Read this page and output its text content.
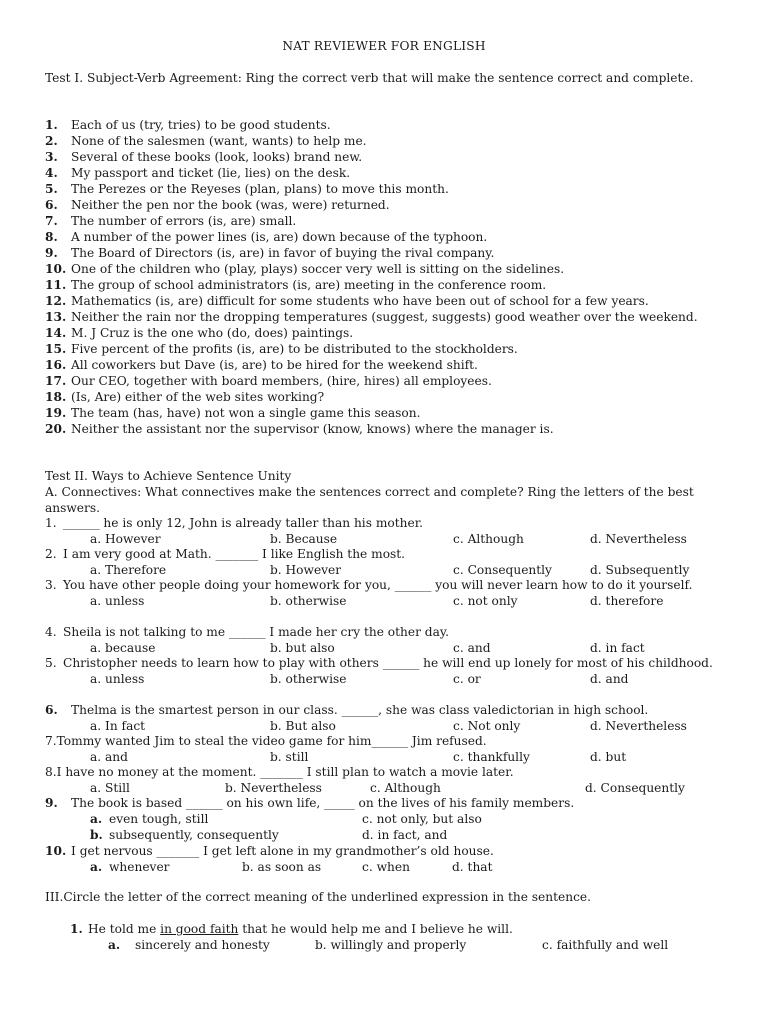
NAT REVIEWER FOR ENGLISH
Test I. Subject-Verb Agreement: Ring the correct verb that will make the sentence correct and complete.
1. Each of us (try, tries) to be good students.
2. None of the salesmen (want, wants) to help me.
3. Several of these books (look, looks) brand new.
4. My passport and ticket (lie, lies) on the desk.
5. The Perezes or the Reyeses (plan, plans) to move this month.
6. Neither the pen nor the book (was, were) returned.
7. The number of errors (is, are) small.
8. A number of the power lines (is, are) down because of the typhoon.
9. The Board of Directors (is, are) in favor of buying the rival company.
10. One of the children who (play, plays) soccer very well is sitting on the sidelines.
11. The group of school administrators (is, are) meeting in the conference room.
12. Mathematics (is, are) difficult for some students who have been out of school for a few years.
13. Neither the rain nor the dropping temperatures (suggest, suggests) good weather over the weekend.
14. M. J Cruz is the one who (do, does) paintings.
15. Five percent of the profits (is, are) to be distributed to the stockholders.
16. All coworkers but Dave (is, are) to be hired for the weekend shift.
17. Our CEO, together with board members, (hire, hires) all employees.
18. (Is, Are) either of the web sites working?
19. The team (has, have) not won a single game this season.
20. Neither the assistant nor the supervisor (know, knows) where the manager is.
Test II. Ways to Achieve Sentence Unity
A. Connectives: What connectives make the sentences correct and complete? Ring the letters of the best answers.
1. ______ he is only 12, John is already taller than his mother.
a. However	b. Because	c. Although	d. Nevertheless
2. I am very good at Math. _______ I like English the most.
a. Therefore	b. However	c. Consequently	d. Subsequently
3. You have other people doing your homework for you, ______ you will never learn how to do it yourself.
a. unless	b. otherwise	c. not only	d. therefore
4. Sheila is not talking to me ______ I made her cry the other day.
a. because	b. but also	c. and	d. in fact
5. Christopher needs to learn how to play with others ______ he will end up lonely for most of his childhood.
a. unless	b. otherwise	c. or	d. and
6. Thelma is the smartest person in our class. ______, she was class valedictorian in high school.
a. In fact	b. But also	c. Not only	d. Nevertheless
7.Tommy wanted Jim to steal the video game for him______ Jim refused.
a. and	b. still	c. thankfully	d. but
8.I have no money at the moment. _______ I still plan to watch a movie later.
a. Still	b. Nevertheless	c. Although	d. Consequently
9. The book is based ______ on his own life, _____ on the lives of his family members.
a. even tough, still	c. not only, but also
b. subsequently, consequently	d. in fact, and
10. I get nervous _______ I get left alone in my grandmother’s old house.
a. whenever	b. as soon as	c. when	d. that
III.Circle the letter of the correct meaning of the underlined expression in the sentence.
1. He told me in good faith that he would help me and I believe he will.
a. sincerely and honesty	b. willingly and properly	c. faithfully and well
